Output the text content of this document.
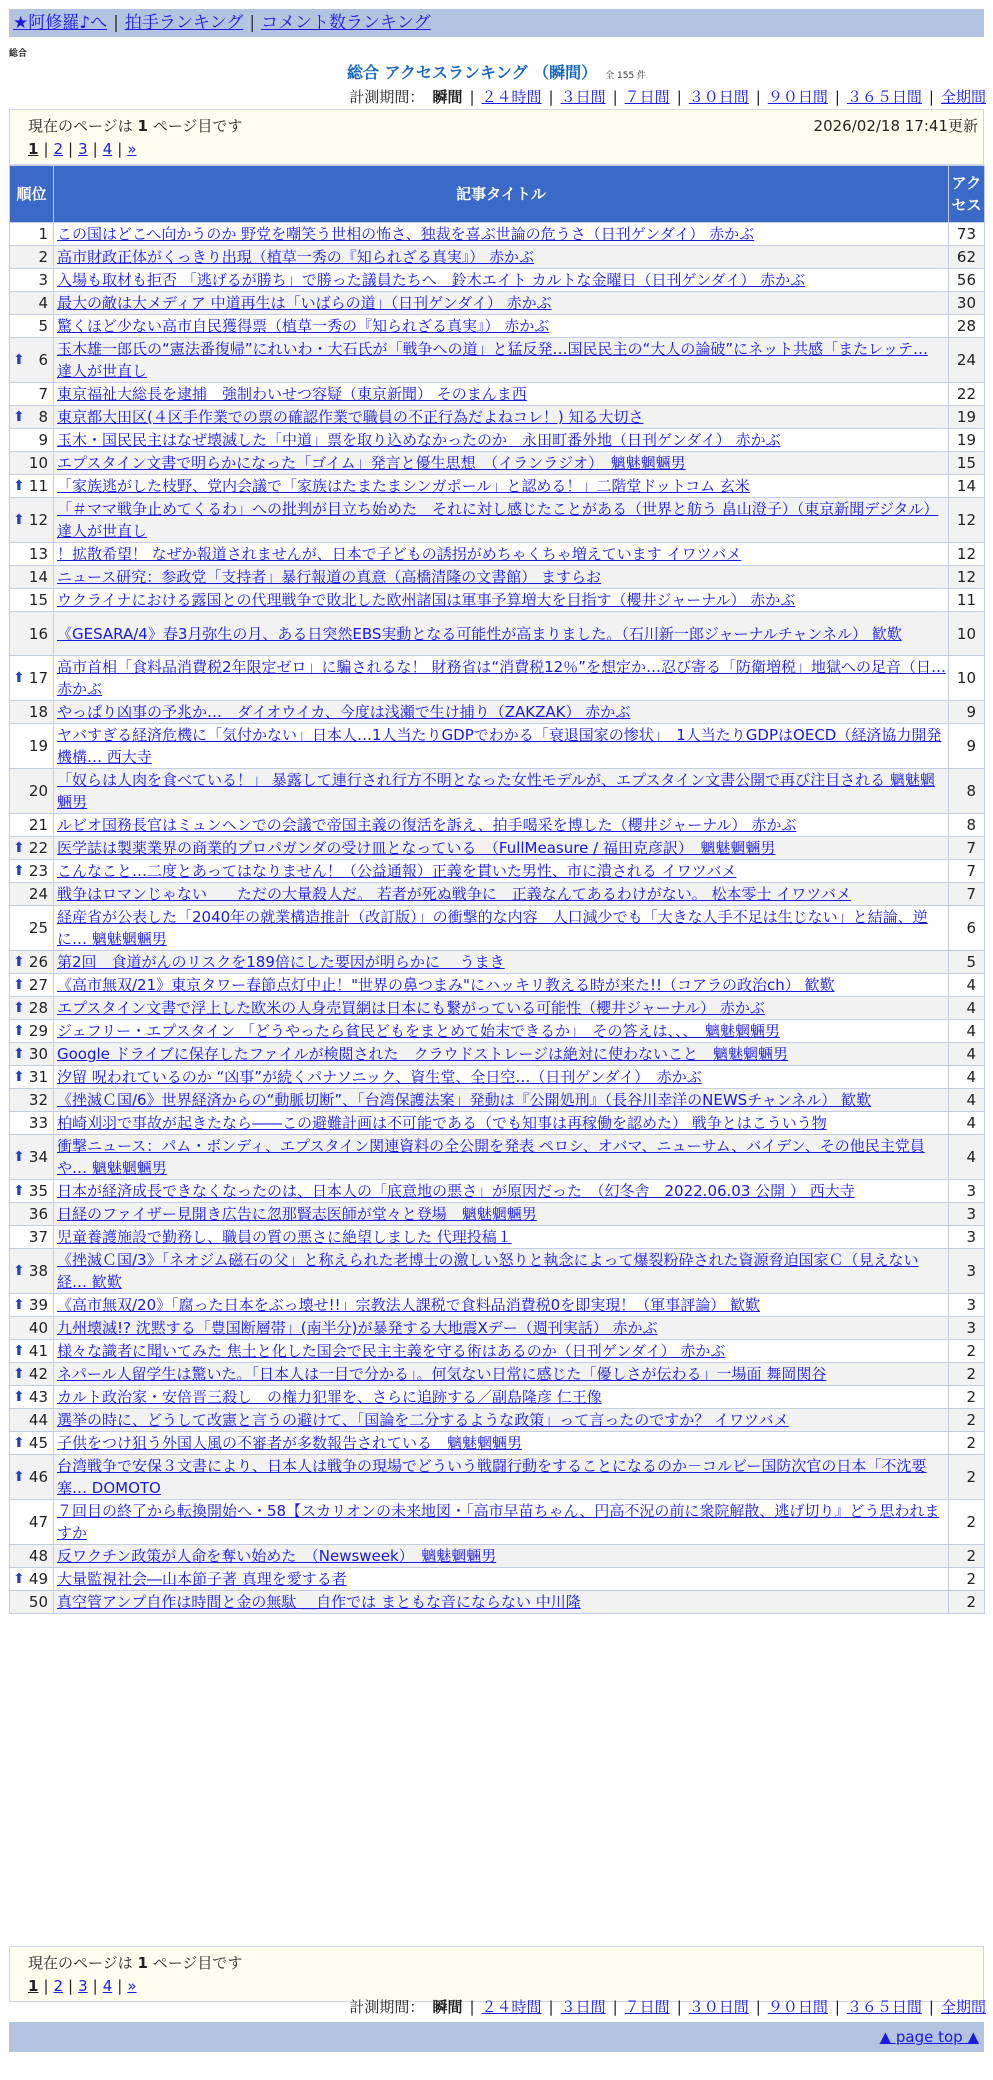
★阿修羅♪へ | 拍手ランキング | コメント数ランキング
総合
総合 アクセスランキング （瞬間） 全 155 件
計測期間： 瞬間 | ２４時間 | ３日間 | ７日間 | ３０日間 | ９０日間 | ３６５日間 | 全期間
現在のページは 1 ページ目です	2026/02/18 17:41更新
1 | 2 | 3 | 4 | »
順位	記事タイトル	アクセス
1	この国はどこへ向かうのか 野党を嘲笑う世相の怖さ、独裁を喜ぶ世論の危うさ（日刊ゲンダイ） 赤かぶ	73
2	高市財政正体がくっきり出現（植草一秀の『知られざる真実』） 赤かぶ	62
3	入場も取材も拒否 「逃げるが勝ち」で勝った議員たちへ　鈴木エイト カルトな金曜日（日刊ゲンダイ） 赤かぶ	56
4	最大の敵は大メディア 中道再生は「いばらの道」（日刊ゲンダイ） 赤かぶ	30
5	驚くほど少ない高市自民獲得票（植草一秀の『知られざる真実』） 赤かぶ	28

⬆ 6	玉木雄一郎氏の“憲法番復帰”にれいわ・大石氏が「戦争への道」と猛反発…国民民主の“大人の論破”にネット共感「またレッテ… 達人が世直し	24
7	東京福祉大総長を逮捕　強制わいせつ容疑（東京新聞） そのまんま西	22

⬆ 8	東京都大田区(４区手作業での票の確認作業で職員の不正行為だよねコレ！) 知る大切さ	19
9	玉木・国民民主はなぜ壊滅した「中道」票を取り込めなかったのか　永田町番外地（日刊ゲンダイ） 赤かぶ	19
10	エプスタイン文書で明らかになった「ゴイム」発言と優生思想　（イランラジオ）　魑魅魍魎男	15

⬆ 11	「家族逃がした枝野、党内会議で「家族はたまたまシンガポール」と認める！」二階堂ドットコム 玄米	14

⬆ 12	「＃ママ戦争止めてくるわ」への批判が目立ち始めた　それに対し感じたことがある（世界と舫う 畠山澄子）（東京新聞デジタル） 達人が世直し	12
13	！拡散希望！ なぜか報道されませんが、日本で子どもの誘拐がめちゃくちゃ増えています イワツバメ	12
14	ニュース研究：参政党「支持者」暴行報道の真意（高橋清隆の文書館） ますらお	12
15	ウクライナにおける露国との代理戦争で敗北した欧州諸国は軍事予算増大を目指す（櫻井ジャーナル） 赤かぶ	11
16	《GESARA/4》春3月弥生の月、ある日突然EBS実動となる可能性が高まりました。（石川新一郎ジャーナルチャンネル） 歓歎	10

⬆ 17	高市首相「食料品消費税2年限定ゼロ」に騙されるな！ 財務省は“消費税12％”を想定か…忍び寄る「防衛増税」地獄への足音（日… 赤かぶ	10
18	やっぱり凶事の予兆か…　ダイオウイカ、今度は浅瀬で生け捕り（ZAKZAK） 赤かぶ	9
19	ヤバすぎる経済危機に「気付かない」日本人…1人当たりGDPでわかる「衰退国家の惨状」　1人当たりGDPはOECD（経済協力開発機構… 西大寺	9
20	「奴らは人肉を食べている！」 暴露して連行され行方不明となった女性モデルが、エプスタイン文書公開で再び注目される 魑魅魍魎男	8
21	ルビオ国務長官はミュンヘンでの会議で帝国主義の復活を訴え、拍手喝采を博した（櫻井ジャーナル） 赤かぶ	8

⬆ 22	医学誌は製薬業界の商業的プロパガンダの受け皿となっている　（FullMeasure / 福田克彦訳）　魑魅魍魎男	7

⬆ 23	こんなこと…二度とあってはなりません！（公益通報）正義を貫いた男性、市に潰される イワツバメ	7
24	戦争はロマンじゃない　　ただの大量殺人だ。 若者が死ぬ戦争に　正義なんてあるわけがない。 松本零士 イワツバメ	7
25	経産省が公表した「2040年の就業構造推計（改訂版）」の衝撃的な内容　人口減少でも「大きな人手不足は生じない」と結論、逆に… 魑魅魍魎男	6

⬆ 26	第2回　食道がんのリスクを189倍にした要因が明らかに　 うまき	5

⬆ 27	《高市無双/21》東京タワー春節点灯中止！"世界の鼻つまみ"にハッキリ教える時が来た!!（コアラの政治ch） 歓歎	4

⬆ 28	エプスタイン文書で浮上した欧米の人身売買網は日本にも繋がっている可能性（櫻井ジャーナル） 赤かぶ	4

⬆ 29	ジェフリー・エプスタイン 「どうやったら貧民どもをまとめて始末できるか」　その答えは、、、　魑魅魍魎男	4

⬆ 30	Google ドライブに保存したファイルが検閲された　クラウドストレージは絶対に使わないこと　魑魅魍魎男	4

⬆ 31	汐留 呪われているのか “凶事”が続くパナソニック、資生堂、全日空…（日刊ゲンダイ）　赤かぶ	4
32	《挫滅Ｃ国/6》世界経済からの“動脈切断”、「台湾保護法案」発動は『公開処刑』（長谷川幸洋のNEWSチャンネル） 歓歎	4
33	柏崎刈羽で事故が起きたなら――この避難計画は不可能である（でも知事は再稼働を認めた） 戦争とはこういう物	4

⬆ 34	衝撃ニュース：パム・ボンディ、エプスタイン関連資料の全公開を発表 ペロシ、オバマ、ニューサム、バイデン、その他民主党員や… 魑魅魍魎男	4

⬆ 35	日本が経済成長できなくなったのは、日本人の「底意地の悪さ」が原因だった　（幻冬舎　2022.06.03 公開 ） 西大寺	3
36	日経のファイザー見開き広告に忽那賢志医師が堂々と登場　魑魅魍魎男	3
37	児童養護施設で勤務し、職員の質の悪さに絶望しました 代理投稿１	3

⬆ 38	《挫滅Ｃ国/3》「ネオジム磁石の父」と称えられた老博士の激しい怒りと執念によって爆裂粉砕された資源脅迫国家Ｃ（見えない経… 歓歎	3

⬆ 39	《高市無双/20》「腐った日本をぶっ壊せ!!」宗教法人課税で食料品消費税0を即実現！（軍事評論） 歓歎	3
40	九州壊滅!? 沈黙する「豊国断層帯」(南半分)が暴発する大地震Xデー（週刊実話） 赤かぶ	3

⬆ 41	様々な識者に聞いてみた 焦土と化した国会で民主主義を守る術はあるのか（日刊ゲンダイ） 赤かぶ	2

⬆ 42	ネパール人留学生は驚いた。「日本人は一目で分かる」。何気ない日常に感じた「優しさが伝わる」一場面 舞岡関谷	2

⬆ 43	カルト政治家・安倍晋三殺し　の権力犯罪を、さらに追跡する／副島隆彦 仁王像	2
44	選挙の時に、どうして改憲と言うの避けて、「国論を二分するような政策」って言ったのですか？ イワツバメ	2

⬆ 45	子供をつけ狙う外国人風の不審者が多数報告されている　魑魅魍魎男	2

⬆ 46	台湾戦争で安保３文書により、日本人は戦争の現場でどういう戦闘行動をすることになるのか－コルビー国防次官の日本「不沈要塞… DOMOTO	2
47	７回目の終了から転換開始へ・58【スカリオンの未来地図・「高市早苗ちゃん、円高不況の前に衆院解散、逃げ切り』どう思われますか	2
48	反ワクチン政策が人命を奪い始めた　（Newsweek）　魑魅魍魎男	2

⬆ 49	大量監視社会―山本節子著 真理を愛する者	2
50	真空管アンプ自作は時間と金の無駄 ＿自作では まともな音にならない 中川隆	2
現在のページは 1 ページ目です
1 | 2 | 3 | 4 | »
計測期間： 瞬間 | ２４時間 | ３日間 | ７日間 | ３０日間 | ９０日間 | ３６５日間 | 全期間
▲ page top ▲
